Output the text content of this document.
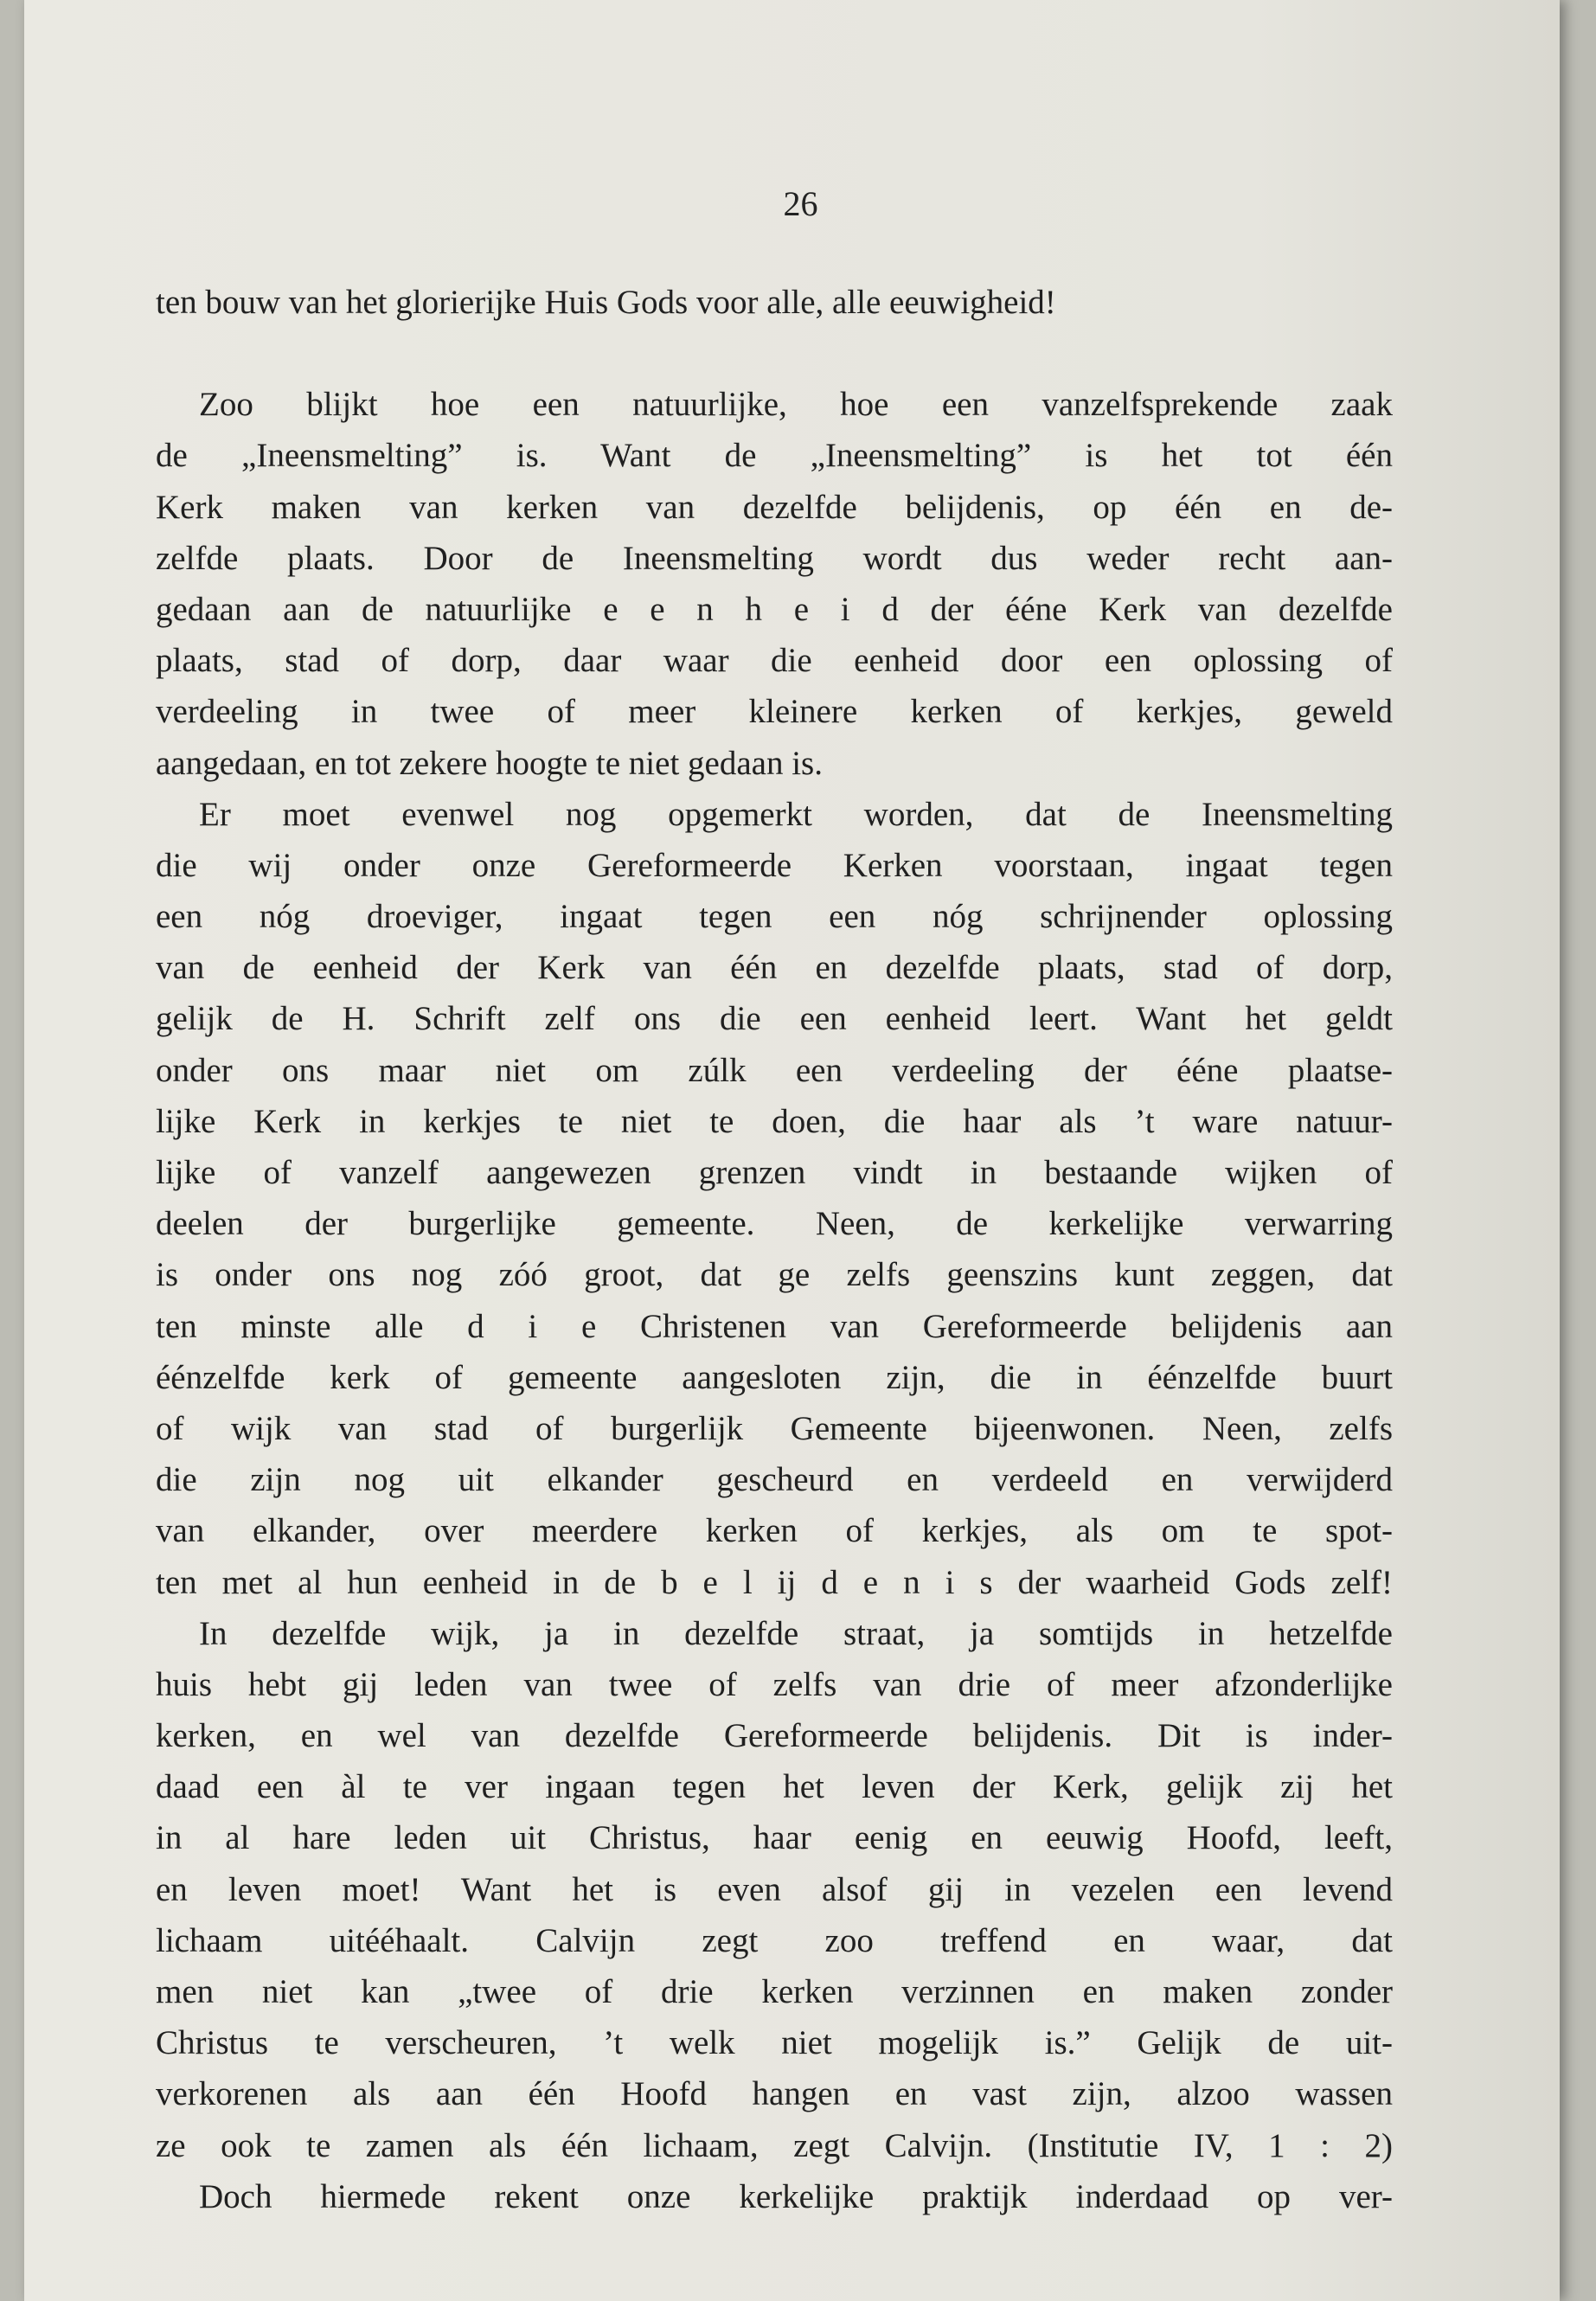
26
ten bouw van het glorierijke Huis Gods voor alle, alle eeuwigheid!
Zoo blijkt hoe een natuurlijke, hoe een vanzelfsprekende zaak
de „Ineensmelting” is. Want de „Ineensmelting” is het tot één
Kerk maken van kerken van dezelfde belijdenis, op één en de-
zelfde plaats. Door de Ineensmelting wordt dus weder recht aan-
gedaan aan de natuurlijke e e n h e i d der ééne Kerk van dezelfde
plaats, stad of dorp, daar waar die eenheid door een oplossing of
verdeeling in twee of meer kleinere kerken of kerkjes, geweld
aangedaan, en tot zekere hoogte te niet gedaan is.
Er moet evenwel nog opgemerkt worden, dat de Ineensmelting
die wij onder onze Gereformeerde Kerken voorstaan, ingaat tegen
een nóg droeviger, ingaat tegen een nóg schrijnender oplossing
van de eenheid der Kerk van één en dezelfde plaats, stad of dorp,
gelijk de H. Schrift zelf ons die een eenheid leert. Want het geldt
onder ons maar niet om zúlk een verdeeling der ééne plaatse-
lijke Kerk in kerkjes te niet te doen, die haar als ’t ware natuur-
lijke of vanzelf aangewezen grenzen vindt in bestaande wijken of
deelen der burgerlijke gemeente. Neen, de kerkelijke verwarring
is onder ons nog zóó groot, dat ge zelfs geenszins kunt zeggen, dat
ten minste alle d i e Christenen van Gereformeerde belijdenis aan
éénzelfde kerk of gemeente aangesloten zijn, die in éénzelfde buurt
of wijk van stad of burgerlijk Gemeente bijeenwonen. Neen, zelfs
die zijn nog uit elkander gescheurd en verdeeld en verwijderd
van elkander, over meerdere kerken of kerkjes, als om te spot-
ten met al hun eenheid in de b e l ij d e n i s der waarheid Gods zelf!
In dezelfde wijk, ja in dezelfde straat, ja somtijds in hetzelfde
huis hebt gij leden van twee of zelfs van drie of meer afzonderlijke
kerken, en wel van dezelfde Gereformeerde belijdenis. Dit is inder-
daad een àl te ver ingaan tegen het leven der Kerk, gelijk zij het
in al hare leden uit Christus, haar eenig en eeuwig Hoofd, leeft,
en leven moet! Want het is even alsof gij in vezelen een levend
lichaam uitééhaalt. Calvijn zegt zoo treffend en waar, dat
men niet kan „twee of drie kerken verzinnen en maken zonder
Christus te verscheuren, ’t welk niet mogelijk is.” Gelijk de uit-
verkorenen als aan één Hoofd hangen en vast zijn, alzoo wassen
ze ook te zamen als één lichaam, zegt Calvijn. (Institutie IV, 1 : 2)
Doch hiermede rekent onze kerkelijke praktijk inderdaad op ver-
